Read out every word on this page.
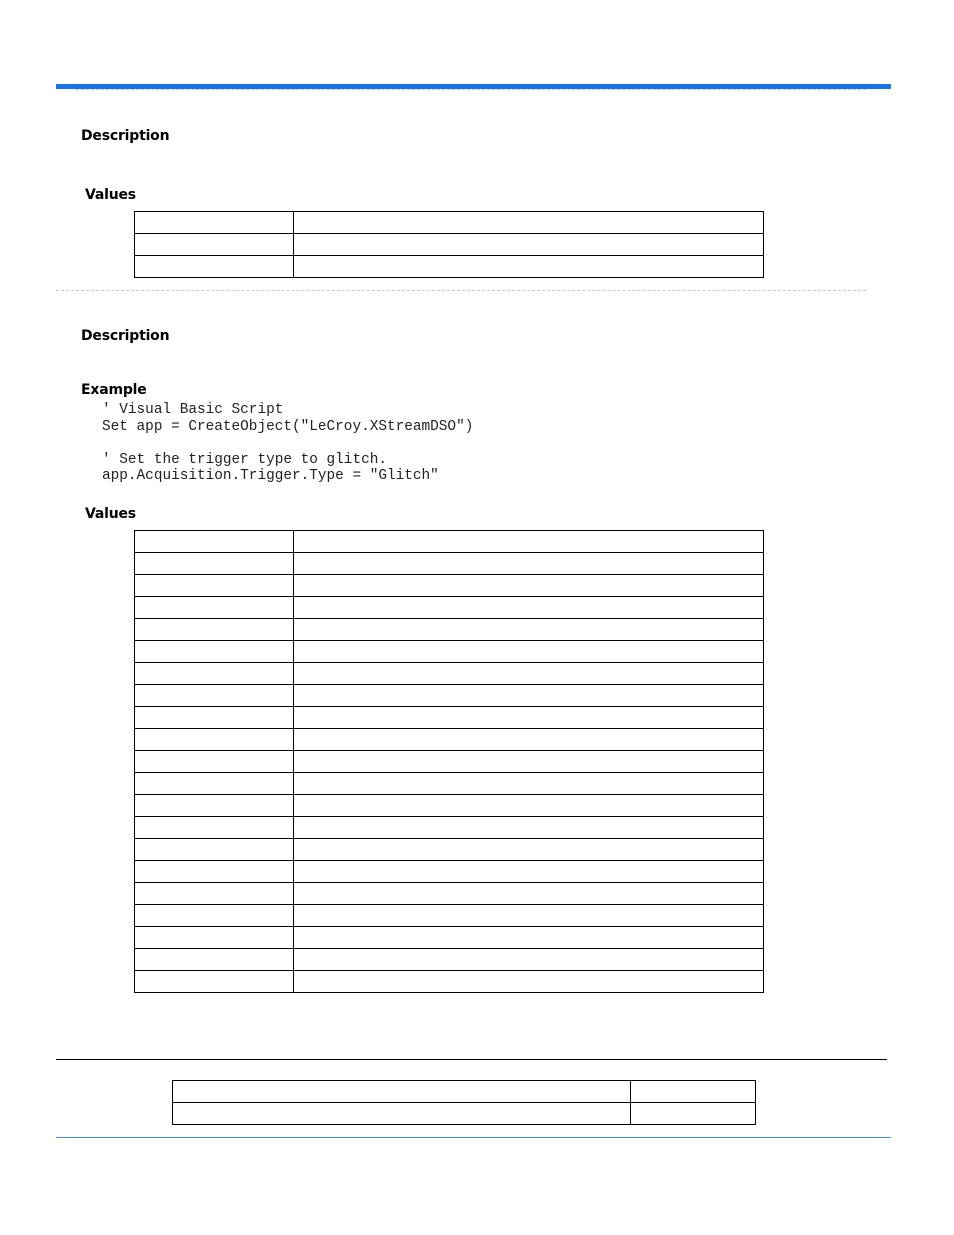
Description
Values

Description
Example
' Visual Basic Script
Set app = CreateObject("LeCroy.XStreamDSO")
' Set the trigger type to glitch.
app.Acquisition.Trigger.Type = "Glitch"
Values
